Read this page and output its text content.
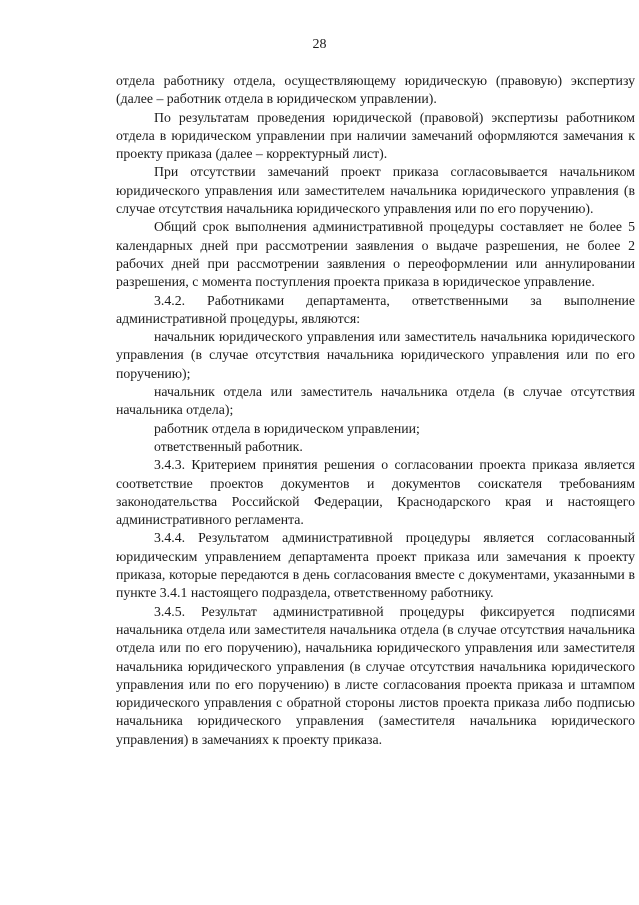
28

отдела работнику отдела, осуществляющему юридическую (правовую) экспертизу (далее – работник отдела в юридическом управлении).

По результатам проведения юридической (правовой) экспертизы работником отдела в юридическом управлении при наличии замечаний оформляются замечания к проекту приказа (далее – корректурный лист).

При отсутствии замечаний проект приказа согласовывается начальником юридического управления или заместителем начальника юридического управления (в случае отсутствия начальника юридического управления или по его поручению).

Общий срок выполнения административной процедуры составляет не более 5 календарных дней при рассмотрении заявления о выдаче разрешения, не более 2 рабочих дней при рассмотрении заявления о переоформлении или аннулировании разрешения, с момента поступления проекта приказа в юридическое управление.

3.4.2. Работниками департамента, ответственными за выполнение административной процедуры, являются:

начальник юридического управления или заместитель начальника юридического управления (в случае отсутствия начальника юридического управления или по его поручению);

начальник отдела или заместитель начальника отдела (в случае отсутствия начальника отдела);

работник отдела в юридическом управлении;

ответственный работник.

3.4.3. Критерием принятия решения о согласовании проекта приказа является соответствие проектов документов и документов соискателя требованиям законодательства Российской Федерации, Краснодарского края и настоящего административного регламента.

3.4.4. Результатом административной процедуры является согласованный юридическим управлением департамента проект приказа или замечания к проекту приказа, которые передаются в день согласования вместе с документами, указанными в пункте 3.4.1 настоящего подраздела, ответственному работнику.

3.4.5. Результат административной процедуры фиксируется подписями начальника отдела или заместителя начальника отдела (в случае отсутствия начальника отдела или по его поручению), начальника юридического управления или заместителя начальника юридического управления (в случае отсутствия начальника юридического управления или по его поручению) в листе согласования проекта приказа и штампом юридического управления с обратной стороны листов проекта приказа либо подписью начальника юридического управления (заместителя начальника юридического управления) в замечаниях к проекту приказа.
